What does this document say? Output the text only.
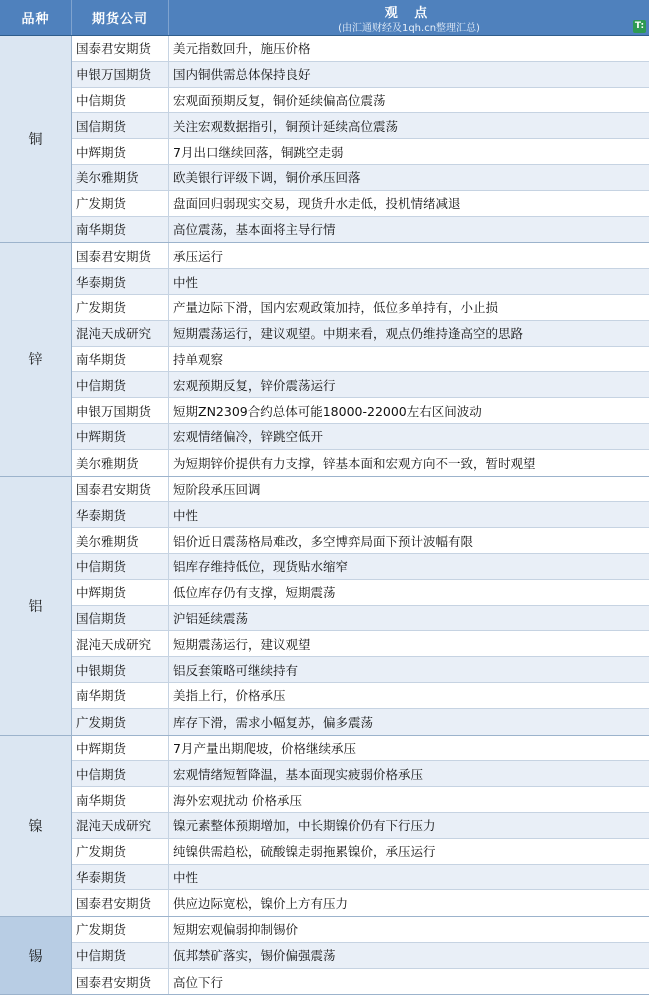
品种	期货公司	观 点
(由汇通财经及1qh.cn整理汇总)	T:
铜
国泰君安期货	美元指数回升，施压价格
申银万国期货	国内铜供需总体保持良好
中信期货	宏观面预期反复，铜价延续偏高位震荡
国信期货	关注宏观数据指引，铜预计延续高位震荡
中辉期货	7月出口继续回落，铜跳空走弱
美尔雅期货	欧美银行评级下调，铜价承压回落
广发期货	盘面回归弱现实交易，现货升水走低，投机情绪减退
南华期货	高位震荡，基本面将主导行情
锌
国泰君安期货	承压运行
华泰期货	中性
广发期货	产量边际下滑，国内宏观政策加持，低位多单持有，小止损
混沌天成研究	短期震荡运行，建议观望。中期来看，观点仍维持逢高空的思路
南华期货	持单观察
中信期货	宏观预期反复，锌价震荡运行
申银万国期货	短期ZN2309合约总体可能18000-22000左右区间波动
中辉期货	宏观情绪偏冷，锌跳空低开
美尔雅期货	为短期锌价提供有力支撑，锌基本面和宏观方向不一致，暂时观望
铝
国泰君安期货	短阶段承压回调
华泰期货	中性
美尔雅期货	铝价近日震荡格局难改，多空博弈局面下预计波幅有限
中信期货	铝库存维持低位，现货贴水缩窄
中辉期货	低位库存仍有支撑，短期震荡
国信期货	沪铝延续震荡
混沌天成研究	短期震荡运行，建议观望
中银期货	铝反套策略可继续持有
南华期货	美指上行，价格承压
广发期货	库存下滑，需求小幅复苏，偏多震荡
镍
中辉期货	7月产量出期爬坡，价格继续承压
中信期货	宏观情绪短暂降温，基本面现实疲弱价格承压
南华期货	海外宏观扰动 价格承压
混沌天成研究	镍元素整体预期增加，中长期镍价仍有下行压力
广发期货	纯镍供需趋松，硫酸镍走弱拖累镍价，承压运行
华泰期货	中性
国泰君安期货	供应边际宽松，镍价上方有压力
锡
广发期货	短期宏观偏弱抑制锡价
中信期货	佤邦禁矿落实，锡价偏强震荡
国泰君安期货	高位下行
